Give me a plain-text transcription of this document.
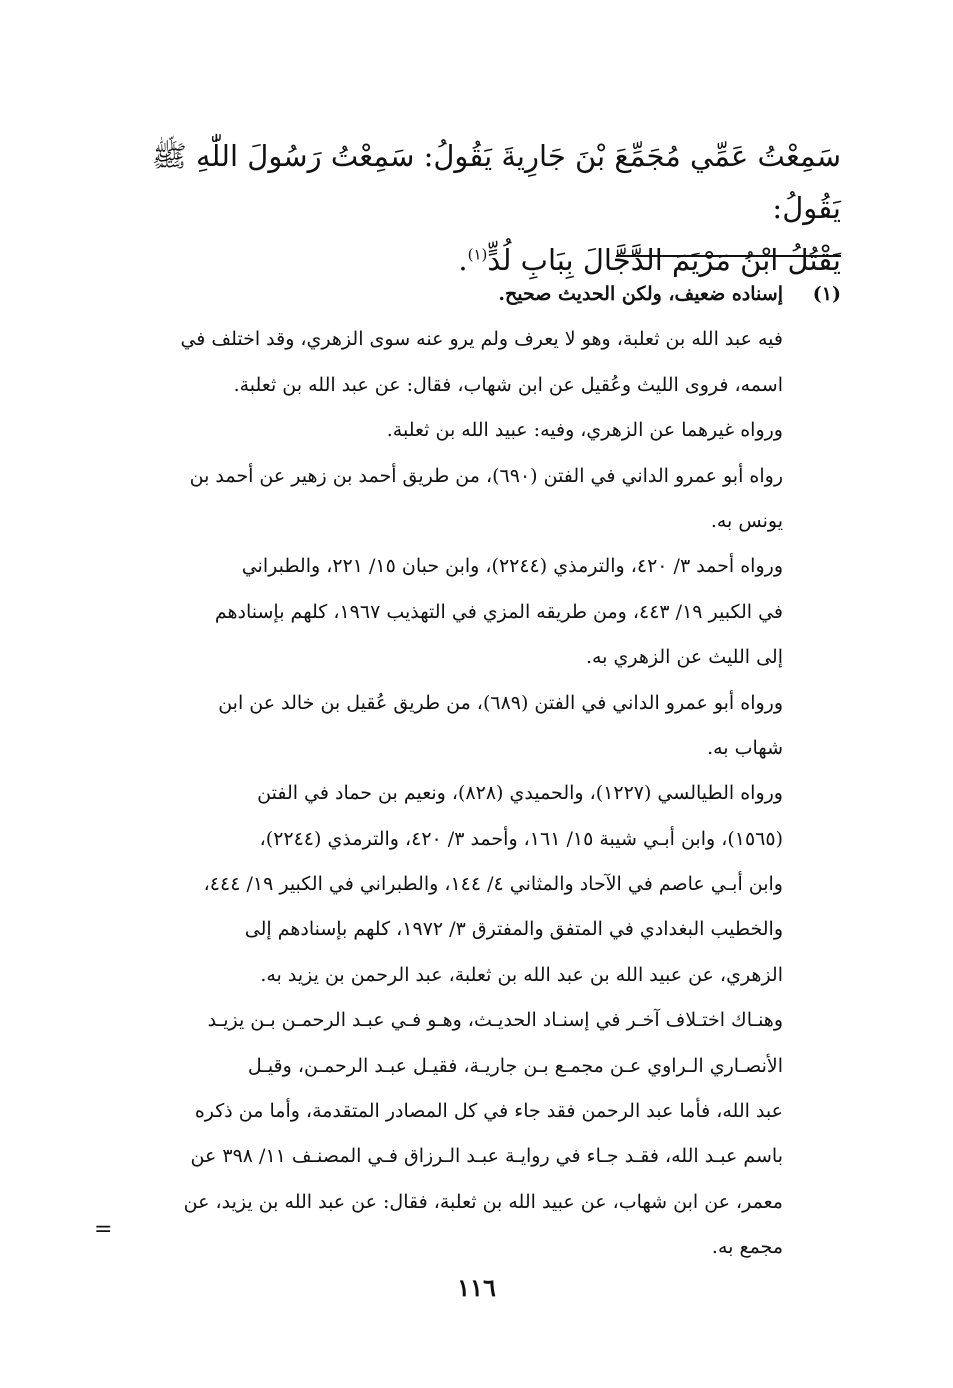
سَمِعْتُ عَمِّي مُجَمِّعَ بْنَ جَارِيةَ يَقُولُ: سَمِعْتُ رَسُولَ اللّٰهِ ﷺ يَقُولُ:
يَقْتُلُ ابْنُ مَرْيَمَ الدَّجَّالَ بِبَابِ لُدٍّ$^{(١)}$.
(١)إسناده ضعيف، ولكن الحديث صحيح.
فيه عبد الله بن ثعلبة، وهو لا يعرف ولم يرو عنه سوى الزهري، وقد اختلف في
اسمه، فروى الليث وعُقيل عن ابن شهاب، فقال: عن عبد الله بن ثعلبة.
ورواه غيرهما عن الزهري، وفيه: عبيد الله بن ثعلبة.
رواه أبو عمرو الداني في الفتن (٦٩٠)، من طريق أحمد بن زهير عن أحمد بن
يونس به.
ورواه أحمد ٣/ ٤٢٠، والترمذي (٢٢٤٤)، وابن حبان ١٥/ ٢٢١، والطبراني
في الكبير ١٩/ ٤٤٣، ومن طريقه المزي في التهذيب ١٩٦٧، كلهم بإسنادهم
إلى الليث عن الزهري به.
ورواه أبو عمرو الداني في الفتن (٦٨٩)، من طريق عُقيل بن خالد عن ابن
شهاب به.
ورواه الطيالسي (١٢٢٧)، والحميدي (٨٢٨)، ونعيم بن حماد في الفتن
(١٥٦٥)، وابن أبـي شيبة ١٥/ ١٦١، وأحمد ٣/ ٤٢٠، والترمذي (٢٢٤٤)،
وابن أبـي عاصم في الآحاد والمثاني ٤/ ١٤٤، والطبراني في الكبير ١٩/ ٤٤٤،
والخطيب البغدادي في المتفق والمفترق ٣/ ١٩٧٢، كلهم بإسنادهم إلى
الزهري، عن عبيد الله بن عبد الله بن ثعلبة، عبد الرحمن بن يزيد به.
وهنـاك اختـلاف آخـر في إسنـاد الحديـث، وهـو فـي عبـد الرحمـن بـن يزيـد
الأنصـاري الـراوي عـن مجمـع بـن جاريـة، فقيـل عبـد الرحمـن، وقيـل
عبد الله، فأما عبد الرحمن فقد جاء في كل المصادر المتقدمة، وأما من ذكره
باسم عبـد الله، فقـد جـاء في روايـة عبـد الـرزاق فـي المصنـف ١١/ ٣٩٨ عن
معمر، عن ابن شهاب، عن عبيد الله بن ثعلبة، فقال: عن عبد الله بن يزيد، عن
مجمع به.
=
١١٦
